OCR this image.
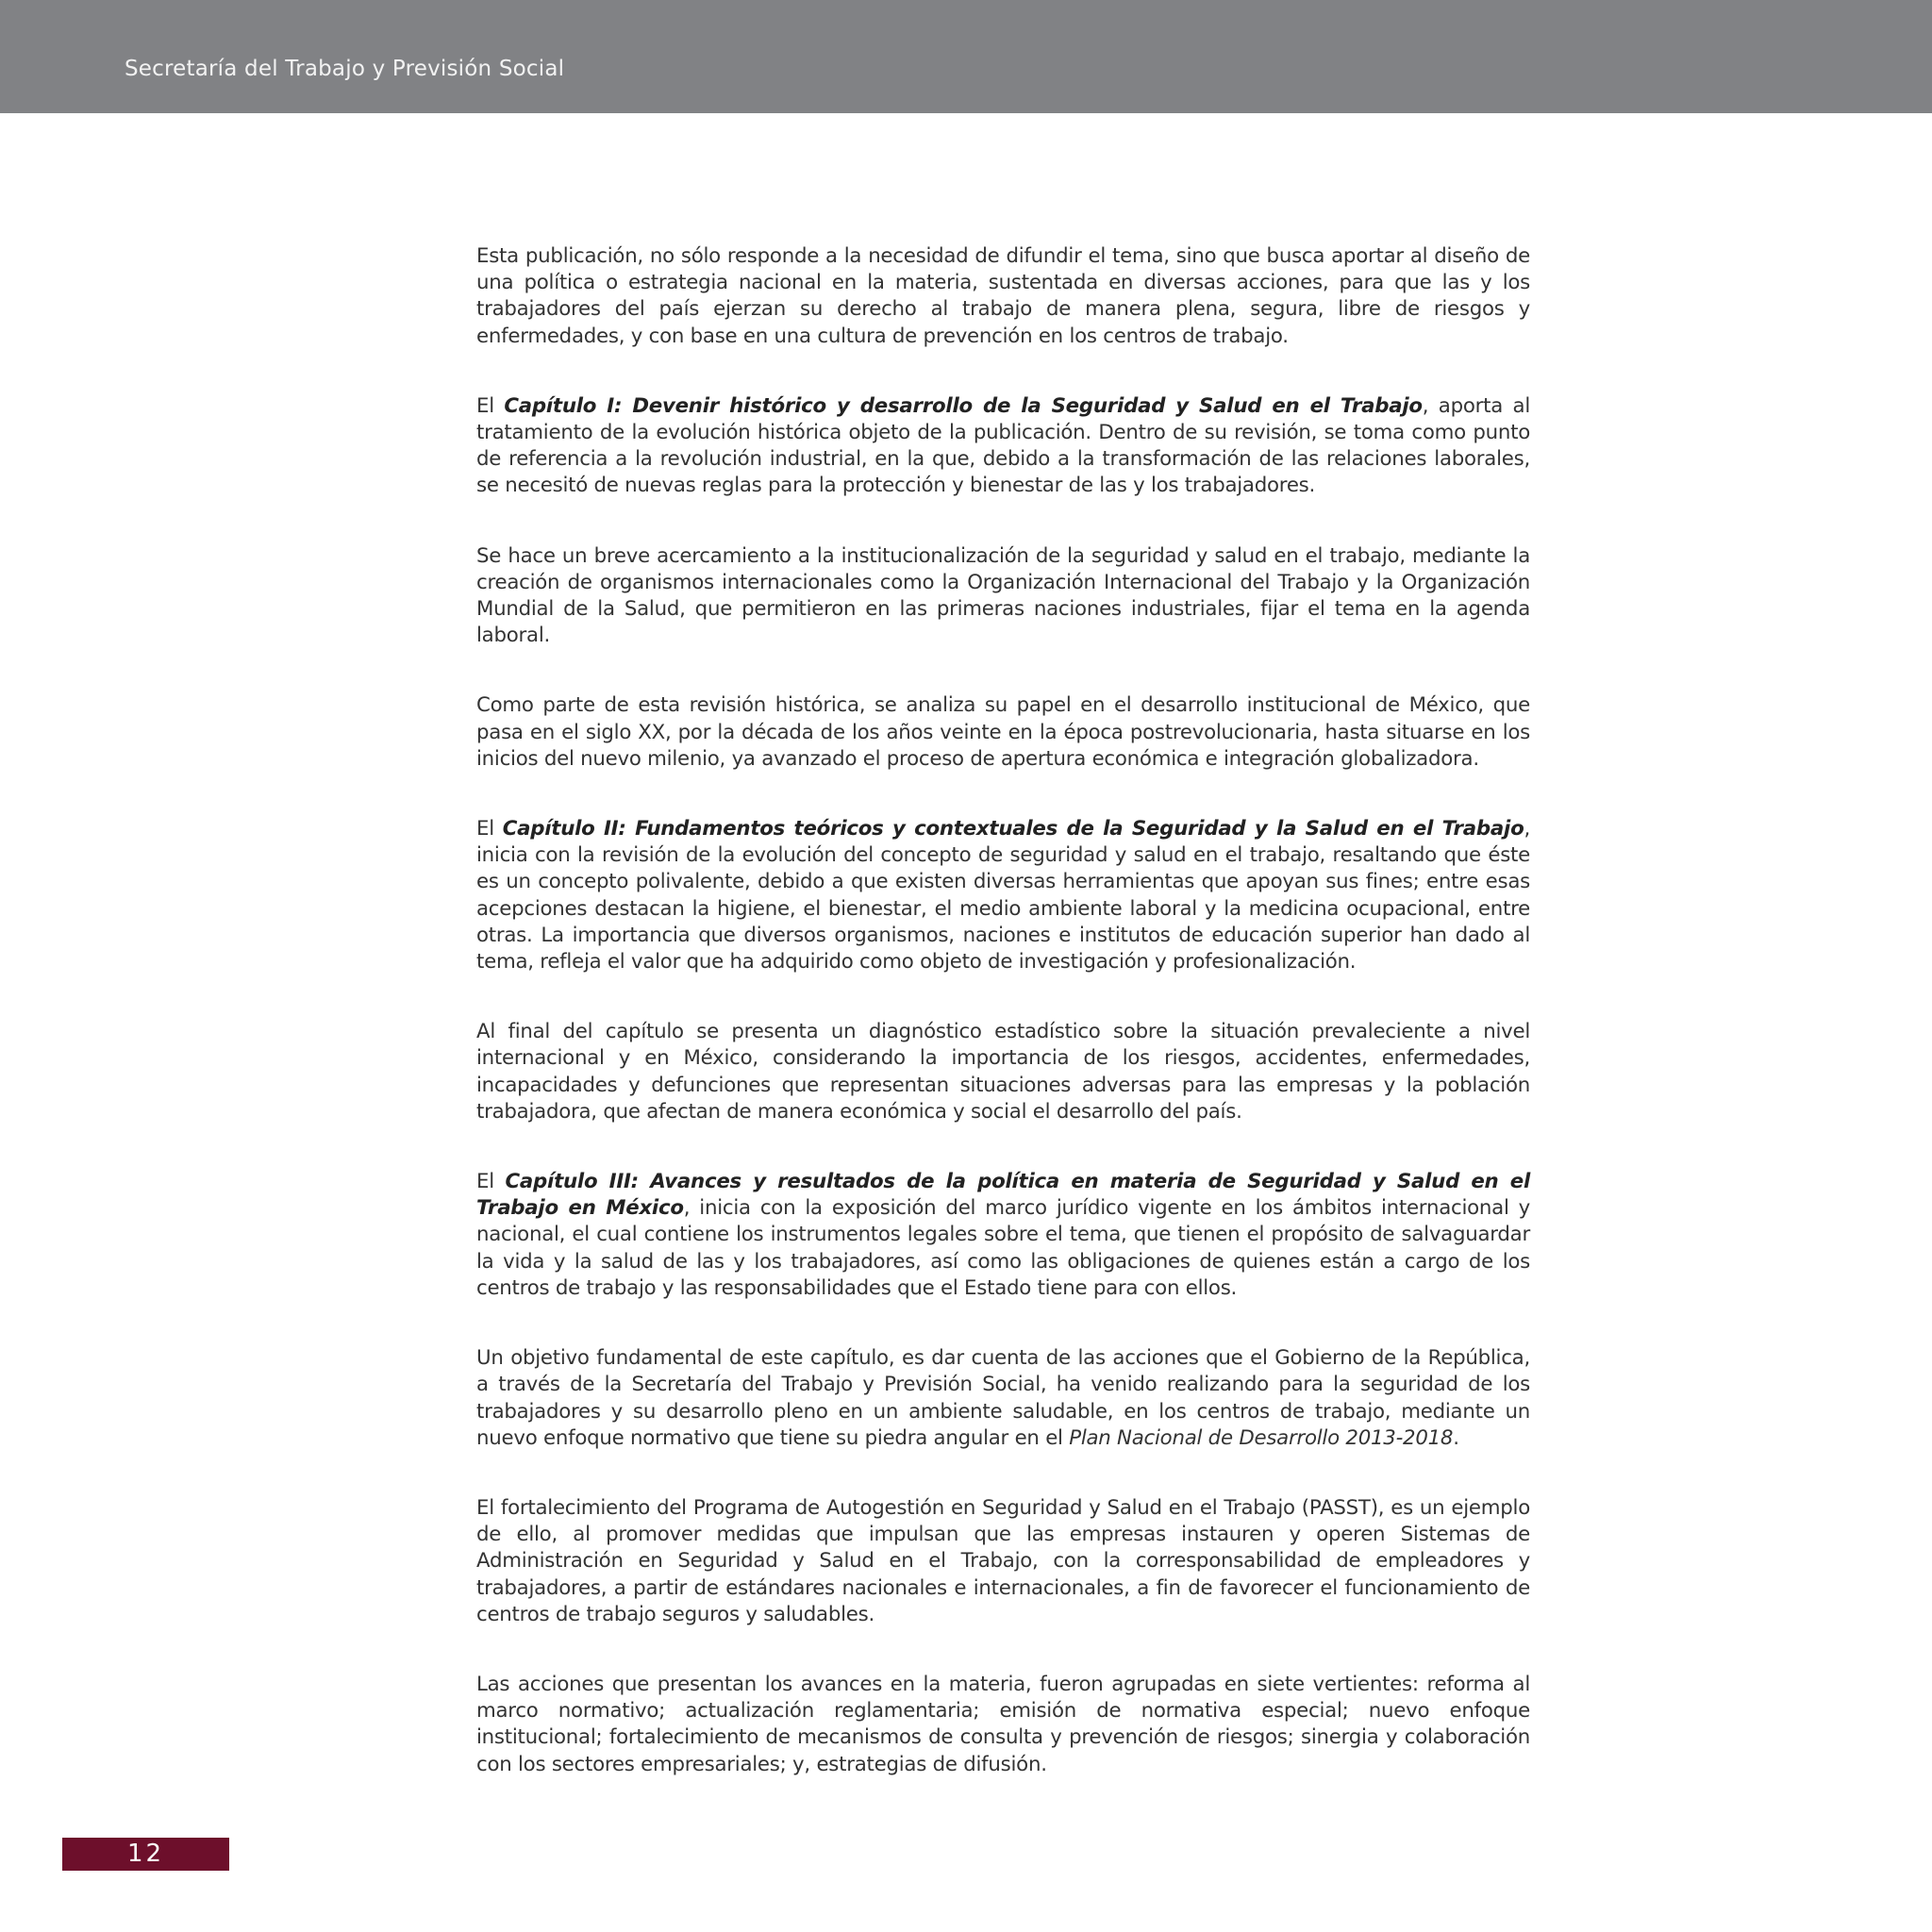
Secretaría del Trabajo y Previsión Social

Esta publicación, no sólo responde a la necesidad de difundir el tema, sino que busca aportar al diseño de una política o estrategia nacional en la materia, sustentada en diversas acciones, para que las y los trabajadores del país ejerzan su derecho al trabajo de manera plena, segura, libre de riesgos y enfermedades, y con base en una cultura de prevención en los centros de trabajo.

El Capítulo I: Devenir histórico y desarrollo de la Seguridad y Salud en el Trabajo, aporta al tratamiento de la evolución histórica objeto de la publicación. Dentro de su revisión, se toma como punto de referencia a la revolución industrial, en la que, debido a la transformación de las relaciones laborales, se necesitó de nuevas reglas para la protección y bienestar de las y los trabajadores.

Se hace un breve acercamiento a la institucionalización de la seguridad y salud en el trabajo, mediante la creación de organismos internacionales como la Organización Internacional del Trabajo y la Organización Mundial de la Salud, que permitieron en las primeras naciones industriales, fijar el tema en la agenda laboral.

Como parte de esta revisión histórica, se analiza su papel en el desarrollo institucional de México, que pasa en el siglo XX, por la década de los años veinte en la época postrevolucionaria, hasta situarse en los inicios del nuevo milenio, ya avanzado el proceso de apertura económica e integración globalizadora.

El Capítulo II: Fundamentos teóricos y contextuales de la Seguridad y la Salud en el Trabajo, inicia con la revisión de la evolución del concepto de seguridad y salud en el trabajo, resaltando que éste es un concepto polivalente, debido a que existen diversas herramientas que apoyan sus fines; entre esas acepciones destacan la higiene, el bienestar, el medio ambiente laboral y la medicina ocupacional, entre otras. La importancia que diversos organismos, naciones e institutos de educación superior han dado al tema, refleja el valor que ha adquirido como objeto de investigación y profesionalización.

Al final del capítulo se presenta un diagnóstico estadístico sobre la situación prevaleciente a nivel internacional y en México, considerando la importancia de los riesgos, accidentes, enfermedades, incapacidades y defunciones que representan situaciones adversas para las empresas y la población trabajadora, que afectan de manera económica y social el desarrollo del país.

El Capítulo III: Avances y resultados de la política en materia de Seguridad y Salud en el Trabajo en México, inicia con la exposición del marco jurídico vigente en los ámbitos internacional y nacional, el cual contiene los instrumentos legales sobre el tema, que tienen el propósito de salvaguardar la vida y la salud de las y los trabajadores, así como las obligaciones de quienes están a cargo de los centros de trabajo y las responsabilidades que el Estado tiene para con ellos.

Un objetivo fundamental de este capítulo, es dar cuenta de las acciones que el Gobierno de la República, a través de la Secretaría del Trabajo y Previsión Social, ha venido realizando para la seguridad de los trabajadores y su desarrollo pleno en un ambiente saludable, en los centros de trabajo, mediante un nuevo enfoque normativo que tiene su piedra angular en el Plan Nacional de Desarrollo 2013-2018.

El fortalecimiento del Programa de Autogestión en Seguridad y Salud en el Trabajo (PASST), es un ejemplo de ello, al promover medidas que impulsan que las empresas instauren y operen Sistemas de Administración en Seguridad y Salud en el Trabajo, con la corresponsabilidad de empleadores y trabajadores, a partir de estándares nacionales e internacionales, a fin de favorecer el funcionamiento de centros de trabajo seguros y saludables.

Las acciones que presentan los avances en la materia, fueron agrupadas en siete vertientes: reforma al marco normativo; actualización reglamentaria; emisión de normativa especial; nuevo enfoque institucional; fortalecimiento de mecanismos de consulta y prevención de riesgos; sinergia y colaboración con los sectores empresariales; y, estrategias de difusión.

12
